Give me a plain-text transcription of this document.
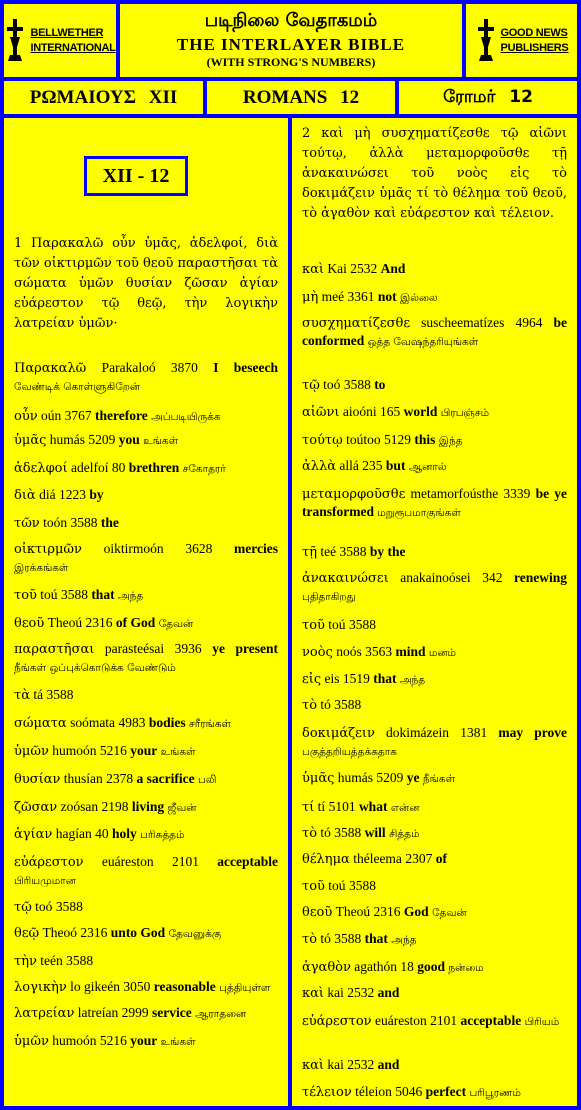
BELLWETHER
INTERNATIONAL
படிநிலை வேதாகமம்
THE INTERLAYER BIBLE
(WITH STRONG'S NUMBERS)
GOOD NEWS
PUBLISHERS
ΡΩΜΑΙΟΥΣ XII	ROMANS 12	ரோமர் 12
XII - 12
1 Παρακαλῶ οὖν ὑμᾶς, ἀδελφοί, διὰ τῶν οἰκτιρμῶν τοῦ θεοῦ παραστῆσαι τὰ σώματα ὑμῶν θυσίαν ζῶσαν ἁγίαν εὐάρεστον τῷ θεῷ, τὴν λογικὴν λατρείαν ὑμῶν·
Παρακαλῶ Parakaloó 3870 I beseech வேண்டிக் கொள்ளுகிறேன்
οὖν oún 3767 therefore அப்படியிருக்க
ὑμᾶς humás 5209 you உங்கள்
ἀδελφοί adelfoí 80 brethren சகோதரர்
διὰ diá 1223 by
τῶν toón 3588 the
οἰκτιρμῶν oiktirmoón 3628 mercies இரக்கங்கள்
τοῦ toú 3588 that அந்த
θεοῦ Theoú 2316 of God தேவன்
παραστῆσαι parasteésai 3936 ye present நீங்கள் ஒப்புக்கொடுக்க வேண்டும்
τὰ tá 3588
σώματα soómata 4983 bodies சரீரங்கள்
ὑμῶν humoón 5216 your உங்கள்
θυσίαν thusían 2378 a sacrifice பலி
ζῶσαν zoósan 2198 living ஜீவன்
ἁγίαν hagían 40 holy பரிசுத்தம்
εὐάρεστον euáreston 2101 acceptable பிரியமுமான
τῷ toó 3588
θεῷ Theoó 2316 unto God தேவனுக்கு
τὴν teén 3588
λογικὴν lo gikeén 3050 reasonable புத்தியுள்ள
λατρείαν latreían 2999 service ஆராதனை
ὑμῶν humoón 5216 your உங்கள்
2 καὶ μὴ συσχηματίζεσθε τῷ αἰῶνι τούτῳ, ἀλλὰ μεταμορφοῦσθε τῇ ἀνακαινώσει τοῦ νοὸς εἰς τὸ δοκιμάζειν ὑμᾶς τί τὸ θέλημα τοῦ θεοῦ, τὸ ἀγαθὸν καὶ εὐάρεστον καὶ τέλειον.
καὶ Kai 2532 And
μὴ meé 3361 not இல்லை
συσχηματίζεσθε suscheematízes 4964 be conformed ஒத்த வேஷந்தரியுங்கள்
τῷ toó 3588 to
αἰῶνι aioóni 165 world பிரபஞ்சம்
τούτῳ toútoo 5129 this இந்த
ἀλλὰ allá 235 but ஆனால்
μεταμορφοῦσθε metamorfoústhe 3339 be ye transformed மறுரூபமாகுங்கள்
τῇ teé 3588 by the
ἀνακαινώσει anakainoósei 342 renewing புதிதாகிறது
τοῦ toú 3588
νοὸς noós 3563 mind மனம்
εἰς eis 1519 that அந்த
τὸ tó 3588
δοκιμάζειν dokimázein 1381 may prove பகுத்தறியத்தக்கதாக
ὑμᾶς humás 5209 ye நீங்கள்
τί tí 5101 what என்ன
τὸ tó 3588 will சித்தம்
θέλημα théleema 2307 of
τοῦ toú 3588
θεοῦ Theoú 2316 God தேவன்
τὸ tó 3588 that அந்த
ἀγαθὸν agathón 18 good நன்மை
καὶ kai 2532 and
εὐάρεστον euáreston 2101 acceptable பிரியம்
καὶ kai 2532 and
τέλειον téleion 5046 perfect பரிபூரணம்
